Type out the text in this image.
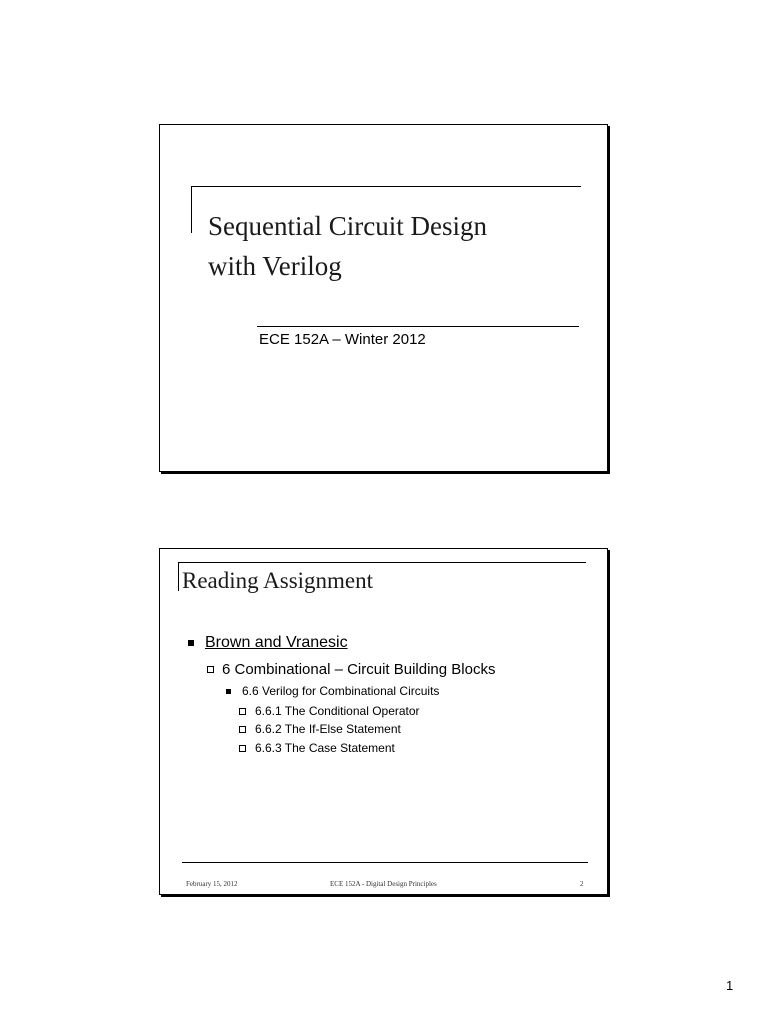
Sequential Circuit Design
with Verilog
ECE 152A – Winter 2012
Reading Assignment
Brown and Vranesic
6 Combinational – Circuit Building Blocks
6.6 Verilog for Combinational Circuits
6.6.1 The Conditional Operator
6.6.2 The If-Else Statement
6.6.3 The Case Statement
February 15, 2012	ECE 152A - Digital Design Principles	2
1
